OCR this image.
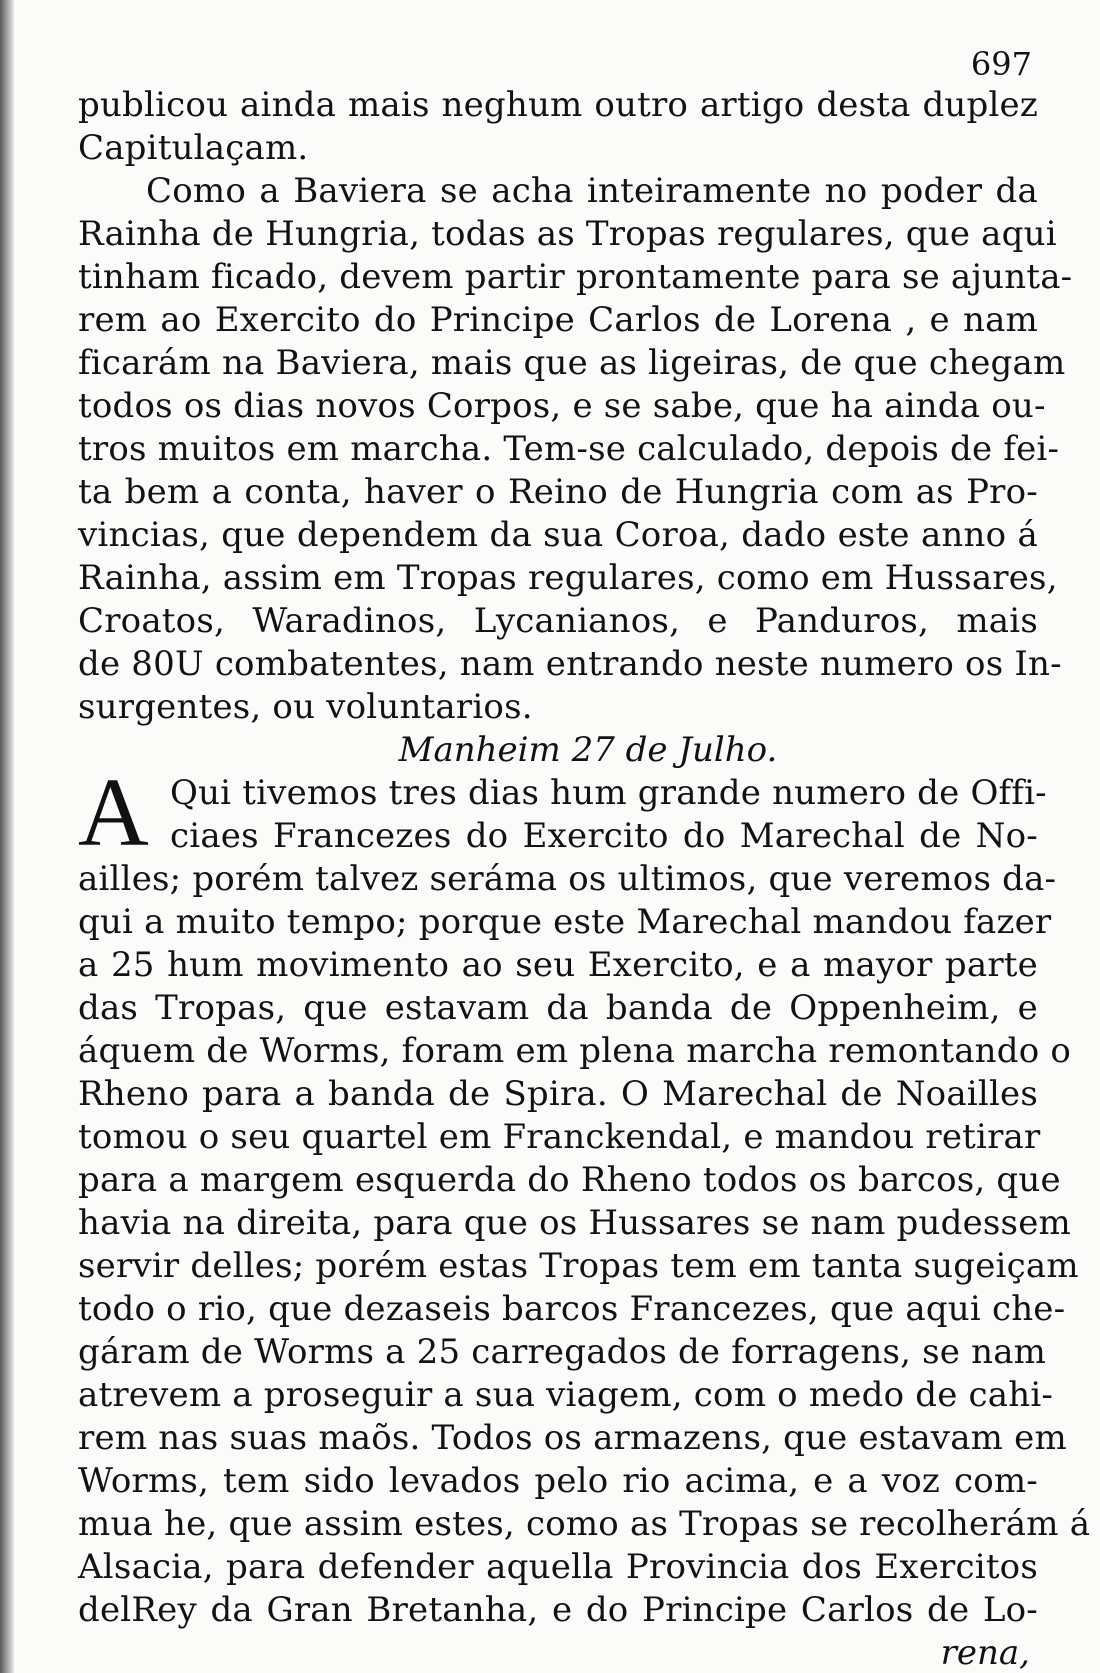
697
publicou ainda mais neghum outro artigo desta duplez
Capitulaçam.
Como a Baviera se acha inteiramente no poder da
Rainha de Hungria, todas as Tropas regulares, que aqui
tinham ficado, devem partir prontamente para se ajunta-
rem ao Exercito do Principe Carlos de Lorena , e nam
ficarám na Baviera, mais que as ligeiras, de que chegam
todos os dias novos Corpos, e se sabe, que ha ainda ou-
tros muitos em marcha. Tem-se calculado, depois de fei-
ta bem a conta, haver o Reino de Hungria com as Pro-
vincias, que dependem da sua Coroa, dado este anno á
Rainha, assim em Tropas regulares, como em Hussares,
Croatos, Waradinos, Lycanianos, e Panduros, mais
de 80U combatentes, nam entrando neste numero os In-
surgentes, ou voluntarios.
Manheim 27 de Julho.
A Qui tivemos tres dias hum grande numero de Offi-
ciaes Francezes do Exercito do Marechal de No-
ailles; porém talvez seráma os ultimos, que veremos da-
qui a muito tempo; porque este Marechal mandou fazer
a 25 hum movimento ao seu Exercito, e a mayor parte
das Tropas, que estavam da banda de Oppenheim, e
áquem de Worms, foram em plena marcha remontando o
Rheno para a banda de Spira. O Marechal de Noailles
tomou o seu quartel em Franckendal, e mandou retirar
para a margem esquerda do Rheno todos os barcos, que
havia na direita, para que os Hussares se nam pudessem
servir delles; porém estas Tropas tem em tanta sugeiçam
todo o rio, que dezaseis barcos Francezes, que aqui che-
gáram de Worms a 25 carregados de forragens, se nam
atrevem a proseguir a sua viagem, com o medo de cahi-
rem nas suas maõs. Todos os armazens, que estavam em
Worms, tem sido levados pelo rio acima, e a voz com-
mua he, que assim estes, como as Tropas se recolherám á
Alsacia, para defender aquella Provincia dos Exercitos
delRey da Gran Bretanha, e do Principe Carlos de Lo-
rena,
